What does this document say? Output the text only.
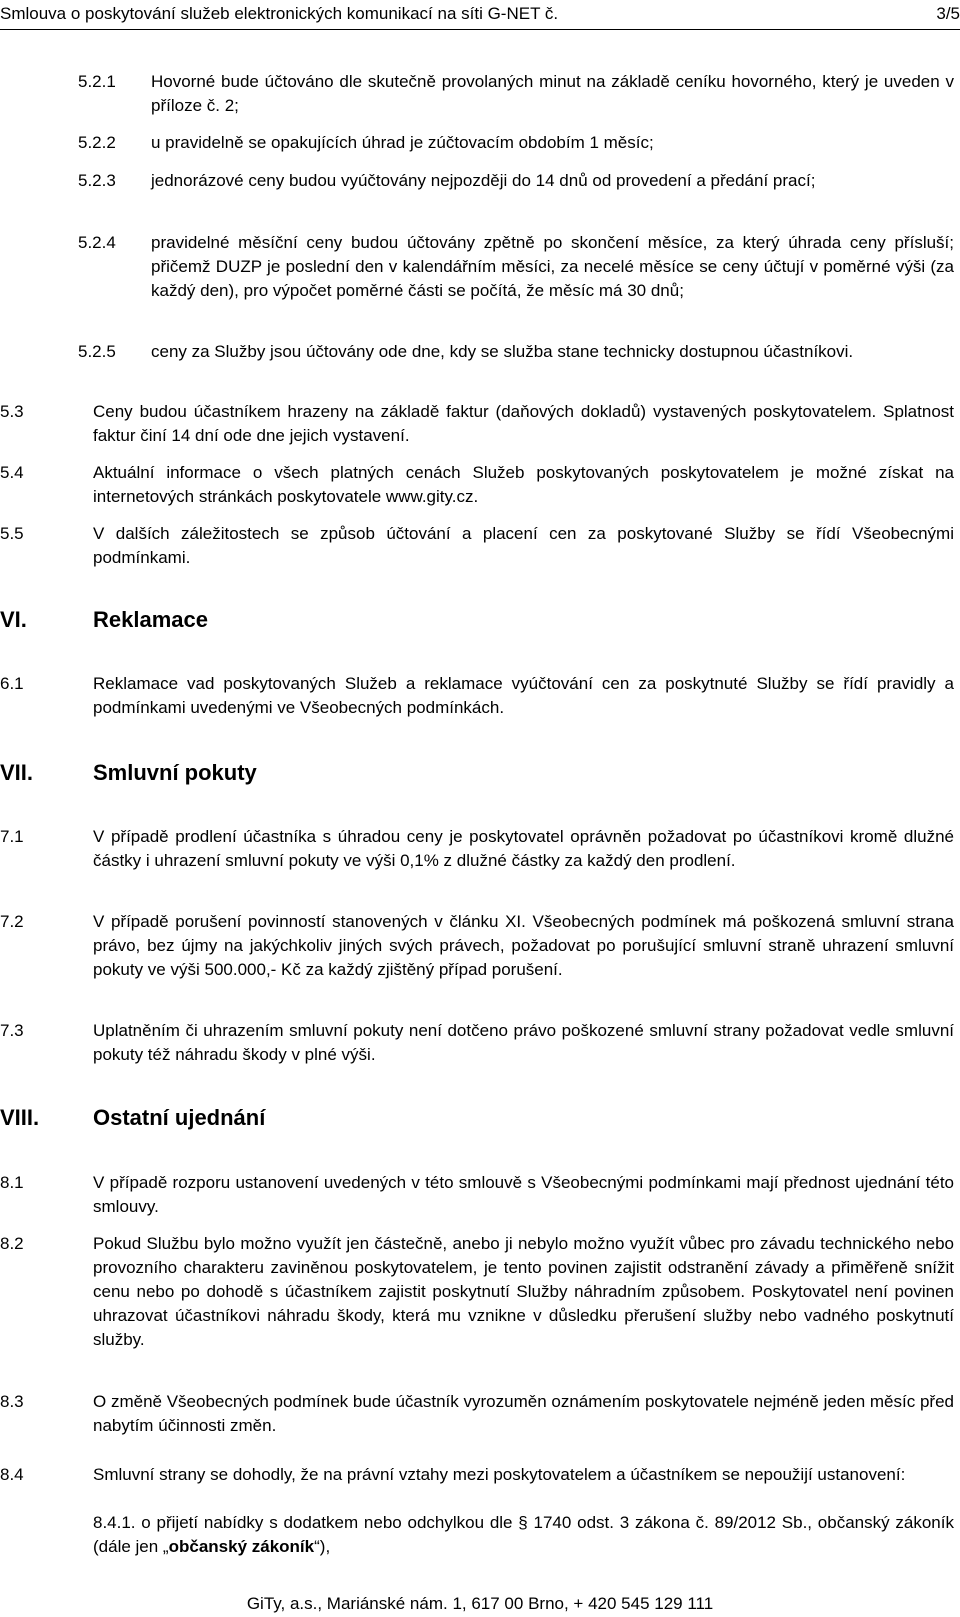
Smlouva o poskytování služeb elektronických komunikací na síti G-NET č.	3/5
5.2.1 Hovorné bude účtováno dle skutečně provolaných minut na základě ceníku hovorného, který je uveden v příloze č. 2;
5.2.2 u pravidelně se opakujících úhrad je zúčtovacím obdobím 1 měsíc;
5.2.3 jednorázové ceny budou vyúčtovány nejpozději do 14 dnů od provedení a předání prací;
5.2.4 pravidelné měsíční ceny budou účtovány zpětně po skončení měsíce, za který úhrada ceny přísluší; přičemž DUZP je poslední den v kalendářním měsíci, za necelé měsíce se ceny účtují v poměrné výši (za každý den), pro výpočet poměrné části se počítá, že měsíc má 30 dnů;
5.2.5 ceny za Služby jsou účtovány ode dne, kdy se služba stane technicky dostupnou účastníkovi.
5.3	Ceny budou účastníkem hrazeny na základě faktur (daňových dokladů) vystavených poskytovatelem. Splatnost faktur činí 14 dní ode dne jejich vystavení.
5.4	Aktuální informace o všech platných cenách Služeb poskytovaných poskytovatelem je možné získat na internetových stránkách poskytovatele www.gity.cz.
5.5	V dalších záležitostech se způsob účtování a placení cen za poskytované Služby se řídí Všeobecnými podmínkami.
VI.	Reklamace
6.1	Reklamace vad poskytovaných Služeb a reklamace vyúčtování cen za poskytnuté Služby se řídí pravidly a podmínkami uvedenými ve Všeobecných podmínkách.
VII.	Smluvní pokuty
7.1	V případě prodlení účastníka s úhradou ceny je poskytovatel oprávněn požadovat po účastníkovi kromě dlužné částky i uhrazení smluvní pokuty ve výši 0,1% z dlužné částky za každý den prodlení.
7.2	V případě porušení povinností stanovených v článku XI. Všeobecných podmínek má poškozená smluvní strana právo, bez újmy na jakýchkoliv jiných svých právech, požadovat po porušující smluvní straně uhrazení smluvní pokuty ve výši 500.000,- Kč za každý zjištěný případ porušení.
7.3	Uplatněním či uhrazením smluvní pokuty není dotčeno právo poškozené smluvní strany požadovat vedle smluvní pokuty též náhradu škody v plné výši.
VIII. Ostatní ujednání
8.1	V případě rozporu ustanovení uvedených v této smlouvě s Všeobecnými podmínkami mají přednost ujednání této smlouvy.
8.2	Pokud Službu bylo možno využít jen částečně, anebo ji nebylo možno využít vůbec pro závadu technického nebo provozního charakteru zaviněnou poskytovatelem, je tento povinen zajistit odstranění závady a přiměřeně snížit cenu nebo po dohodě s účastníkem zajistit poskytnutí Služby náhradním způsobem. Poskytovatel není povinen uhrazovat účastníkovi náhradu škody, která mu vznikne v důsledku přerušení služby nebo vadného poskytnutí služby.
8.3	O změně Všeobecných podmínek bude účastník vyrozuměn oznámením poskytovatele nejméně jeden měsíc před nabytím účinnosti změn.
8.4	Smluvní strany se dohodly, že na právní vztahy mezi poskytovatelem a účastníkem se nepoužijí ustanovení:
8.4.1. o přijetí nabídky s dodatkem nebo odchylkou dle § 1740 odst. 3 zákona č. 89/2012 Sb., občanský zákoník (dále jen „občanský zákoník“),
GiTy, a.s., Mariánské nám. 1, 617 00 Brno, + 420 545 129 111
